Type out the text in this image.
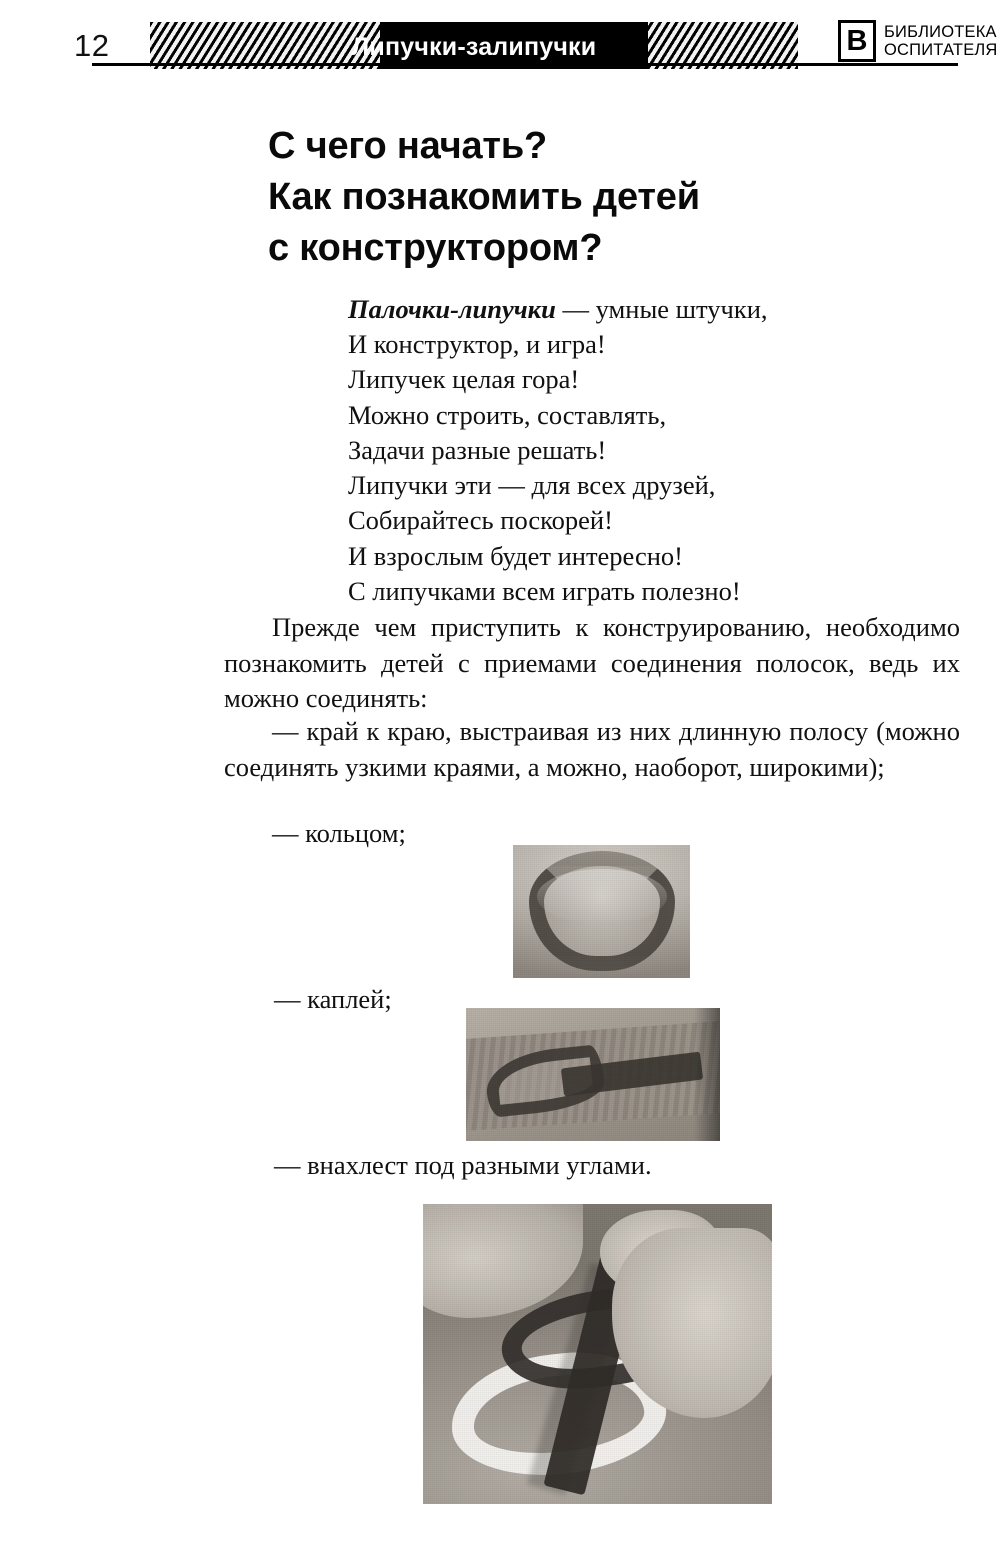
12	Липучки-залипучки	В	БИБЛИОТЕКА
ОСПИТАТЕЛЯ
С чего начать?
Как познакомить детей
с конструктором?
Палочки-липучки — умные штучки,
И конструктор, и игра!
Липучек целая гора!
Можно строить, составлять,
Задачи разные решать!
Липучки эти — для всех друзей,
Собирайтесь поскорей!
И взрослым будет интересно!
С липучками всем играть полезно!

Прежде чем приступить к конструированию, необходимо познакомить детей с приемами соединения полосок, ведь их можно соединять:

— край к краю, выстраивая из них длинную полосу (можно соединять узкими краями, а можно, наоборот, широкими);

— кольцом;

— каплей;

— внахлест под разными углами.
